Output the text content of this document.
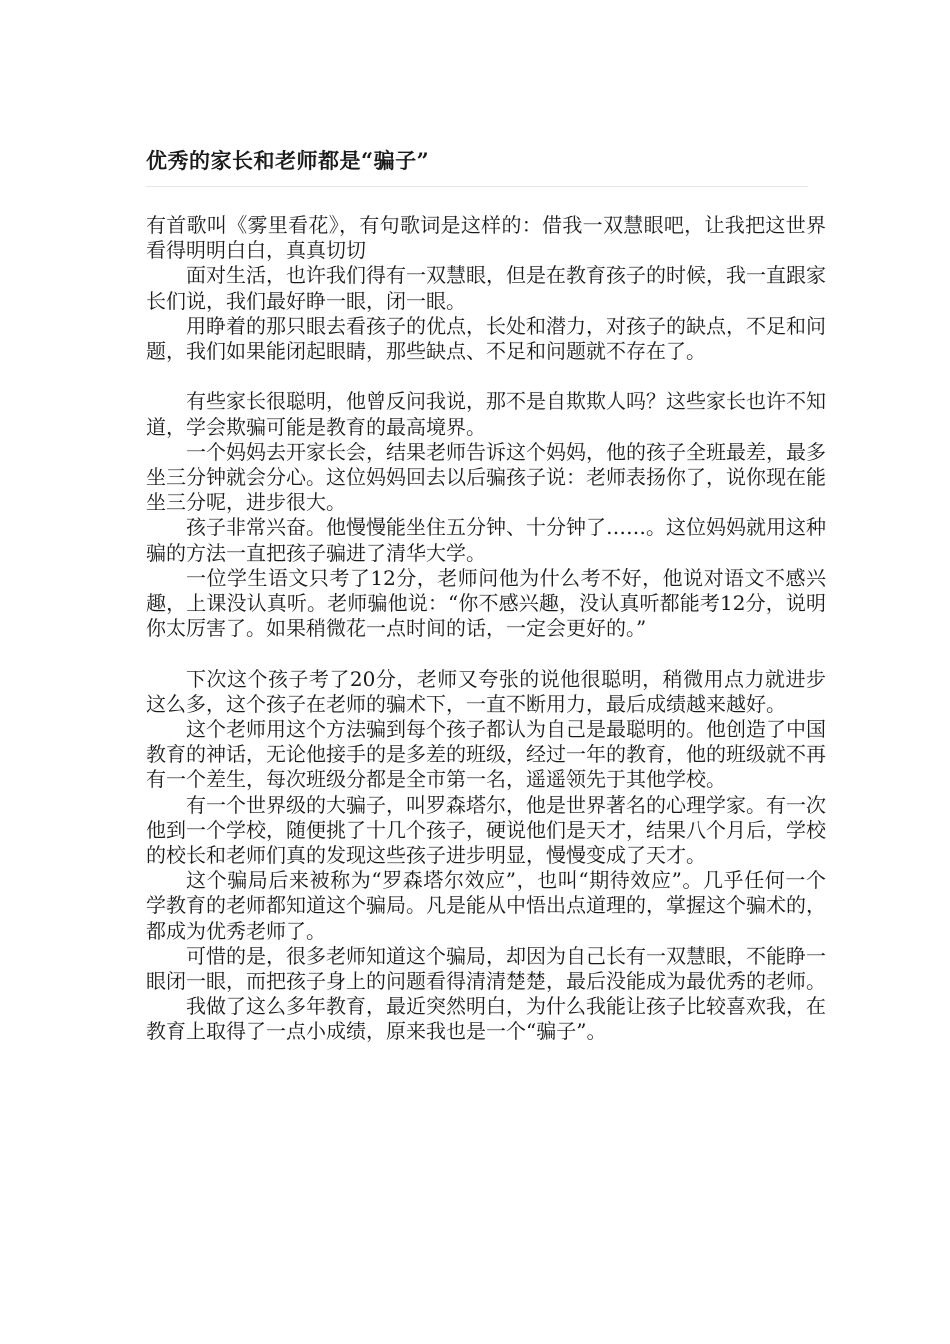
优秀的家长和老师都是“骗子”

有首歌叫《雾里看花》，有句歌词是这样的：借我一双慧眼吧，让我把这世界看得明明白白，真真切切

面对生活，也许我们得有一双慧眼，但是在教育孩子的时候，我一直跟家长们说，我们最好睁一眼，闭一眼。

用睁着的那只眼去看孩子的优点，长处和潜力，对孩子的缺点，不足和问题，我们如果能闭起眼睛，那些缺点、不足和问题就不存在了。

有些家长很聪明，他曾反问我说，那不是自欺欺人吗？这些家长也许不知道，学会欺骗可能是教育的最高境界。

一个妈妈去开家长会，结果老师告诉这个妈妈，他的孩子全班最差，最多坐三分钟就会分心。这位妈妈回去以后骗孩子说：老师表扬你了，说你现在能坐三分呢，进步很大。

孩子非常兴奋。他慢慢能坐住五分钟、十分钟了……。这位妈妈就用这种骗的方法一直把孩子骗进了清华大学。

一位学生语文只考了12分，老师问他为什么考不好，他说对语文不感兴趣，上课没认真听。老师骗他说：“你不感兴趣，没认真听都能考12分，说明你太厉害了。如果稍微花一点时间的话，一定会更好的。”

下次这个孩子考了20分，老师又夸张的说他很聪明，稍微用点力就进步这么多，这个孩子在老师的骗术下，一直不断用力，最后成绩越来越好。

这个老师用这个方法骗到每个孩子都认为自己是最聪明的。他创造了中国教育的神话，无论他接手的是多差的班级，经过一年的教育，他的班级就不再有一个差生，每次班级分都是全市第一名，遥遥领先于其他学校。

有一个世界级的大骗子，叫罗森塔尔，他是世界著名的心理学家。有一次他到一个学校，随便挑了十几个孩子，硬说他们是天才，结果八个月后，学校的校长和老师们真的发现这些孩子进步明显，慢慢变成了天才。

这个骗局后来被称为“罗森塔尔效应”，也叫“期待效应”。几乎任何一个学教育的老师都知道这个骗局。凡是能从中悟出点道理的，掌握这个骗术的，都成为优秀老师了。

可惜的是，很多老师知道这个骗局，却因为自己长有一双慧眼，不能睁一眼闭一眼，而把孩子身上的问题看得清清楚楚，最后没能成为最优秀的老师。

我做了这么多年教育，最近突然明白，为什么我能让孩子比较喜欢我，在教育上取得了一点小成绩，原来我也是一个“骗子”。
